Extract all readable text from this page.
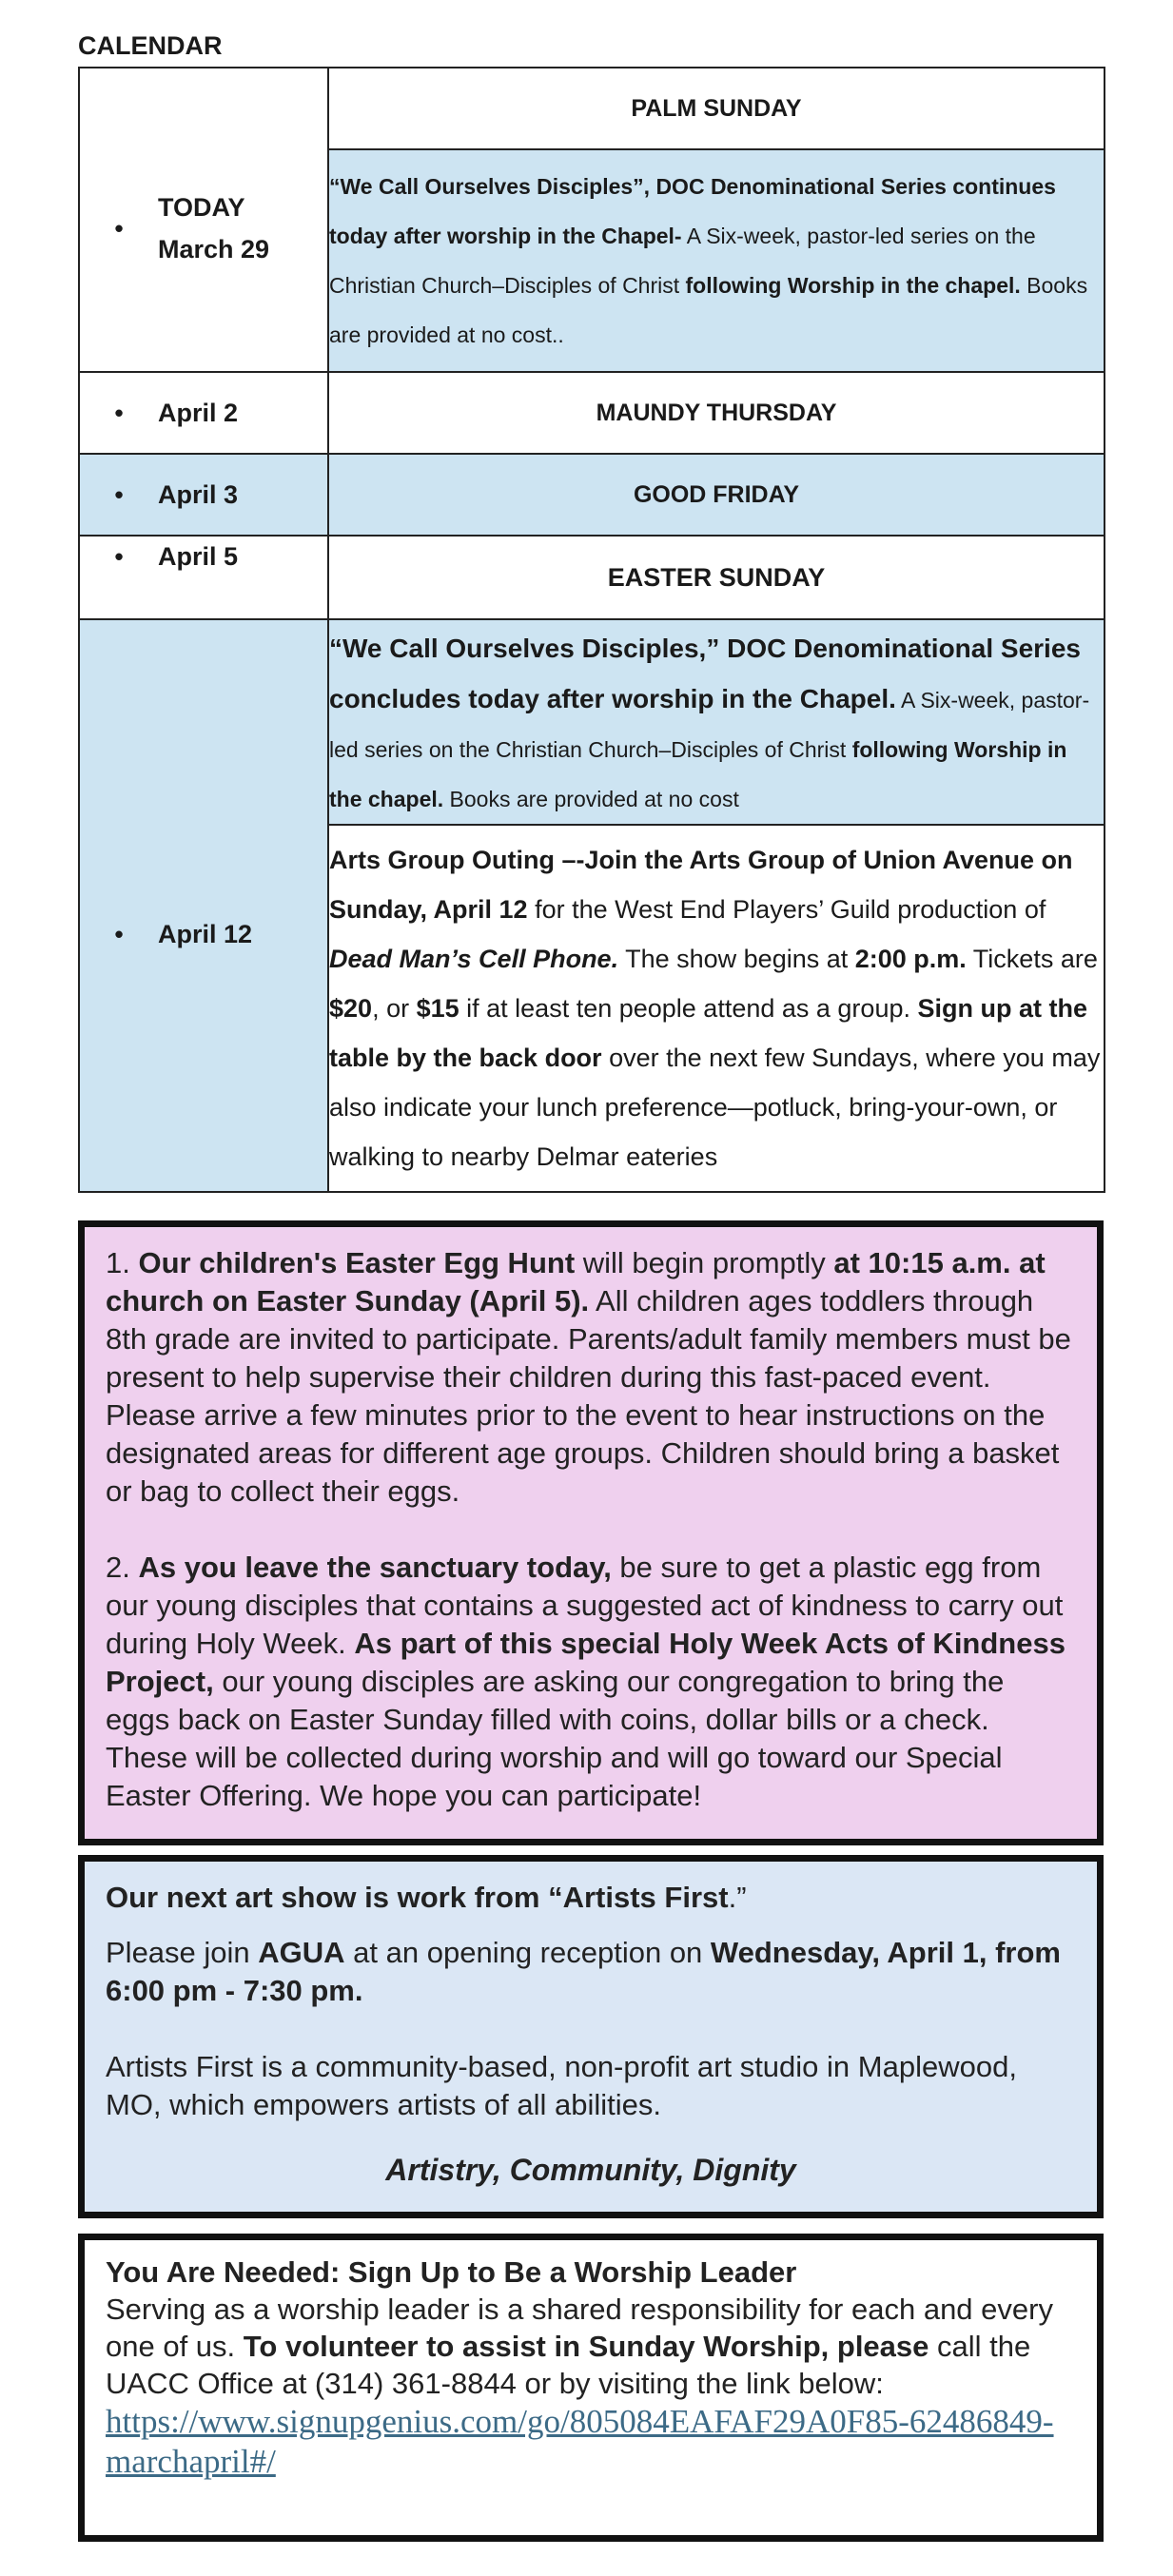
CALENDAR
•
TODAY
March 29	PALM SUNDAY
	“We Call Ourselves Disciples”, DOC Denominational Series continues today after worship in the Chapel- A Six-week, pastor-led series on the Christian Church–Disciples of Christ following Worship in the chapel. Books are provided at no cost..

• April 2	MAUNDY THURSDAY

• April 3	GOOD FRIDAY

• April 5	EASTER SUNDAY

• April 12	“We Call Ourselves Disciples,” DOC Denominational Series concludes today after worship in the Chapel. A Six-week, pastor-led series on the Christian Church–Disciples of Christ following Worship in the chapel. Books are provided at no cost
	Arts Group Outing –-Join the Arts Group of Union Avenue on Sunday, April 12 for the West End Players’ Guild production of Dead Man’s Cell Phone. The show begins at 2:00 p.m. Tickets are $20, or $15 if at least ten people attend as a group. Sign up at the table by the back door over the next few Sundays, where you may also indicate your lunch preference—potluck, bring-your-own, or walking to nearby Delmar eateries

1. Our children's Easter Egg Hunt will begin promptly at 10:15 a.m. at church on Easter Sunday (April 5). All children ages toddlers through 8th grade are invited to participate. Parents/adult family members must be present to help supervise their children during this fast-paced event. Please arrive a few minutes prior to the event to hear instructions on the designated areas for different age groups. Children should bring a basket or bag to collect their eggs.

2. As you leave the sanctuary today, be sure to get a plastic egg from our young disciples that contains a suggested act of kindness to carry out during Holy Week. As part of this special Holy Week Acts of Kindness Project, our young disciples are asking our congregation to bring the eggs back on Easter Sunday filled with coins, dollar bills or a check. These will be collected during worship and will go toward our Special Easter Offering. We hope you can participate!

Our next art show is work from “Artists First.”

Please join AGUA at an opening reception on Wednesday, April 1, from 6:00 pm - 7:30 pm.

Artists First is a community-based, non-profit art studio in Maplewood, MO, which empowers artists of all abilities.

Artistry, Community, Dignity

You Are Needed: Sign Up to Be a Worship Leader

Serving as a worship leader is a shared responsibility for each and every one of us. To volunteer to assist in Sunday Worship, please call the UACC Office at (314) 361-8844 or by visiting the link below:

https://www.signupgenius.com/go/805084EAFAF29A0F85-62486849-marchapril#/
